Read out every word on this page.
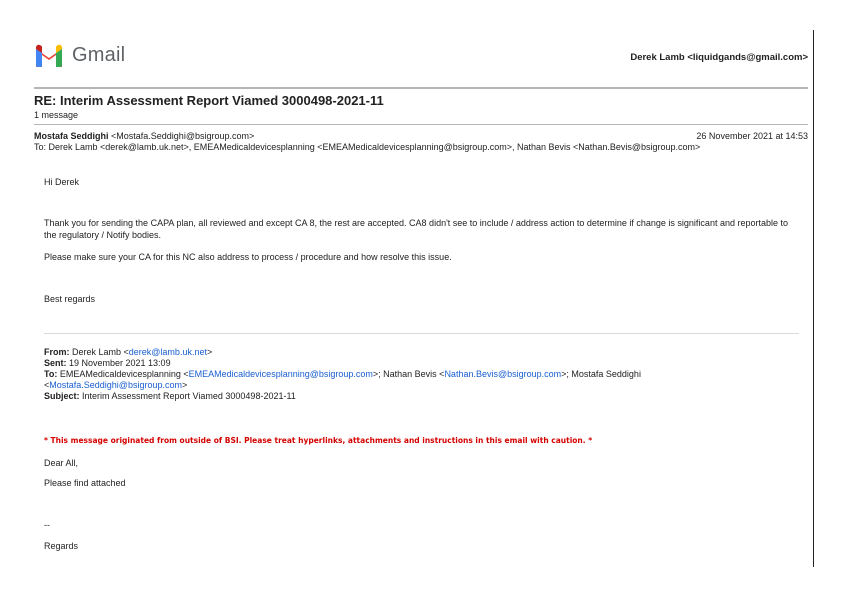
Gmail	Derek Lamb <liquidgands@gmail.com>
RE: Interim Assessment Report Viamed 3000498-2021-11
1 message
Mostafa Seddighi <Mostafa.Seddighi@bsigroup.com>	26 November 2021 at 14:53
To: Derek Lamb <derek@lamb.uk.net>, EMEAMedicaldevicesplanning <EMEAMedicaldevicesplanning@bsigroup.com>, Nathan Bevis <Nathan.Bevis@bsigroup.com>
Hi Derek
Thank you for sending the CAPA plan, all reviewed and except CA 8, the rest are accepted. CA8 didn't see to include / address action to determine if change is significant and reportable to the regulatory / Notify bodies.
Please make sure your CA for this NC also address to process / procedure and how resolve this issue.
Best regards
From: Derek Lamb <derek@lamb.uk.net>
Sent: 19 November 2021 13:09
To: EMEAMedicaldevicesplanning <EMEAMedicaldevicesplanning@bsigroup.com>; Nathan Bevis <Nathan.Bevis@bsigroup.com>; Mostafa Seddighi
<Mostafa.Seddighi@bsigroup.com>
Subject: Interim Assessment Report Viamed 3000498-2021-11
* This message originated from outside of BSI. Please treat hyperlinks, attachments and instructions in this email with caution. *
Dear All,
Please find attached
--
Regards
